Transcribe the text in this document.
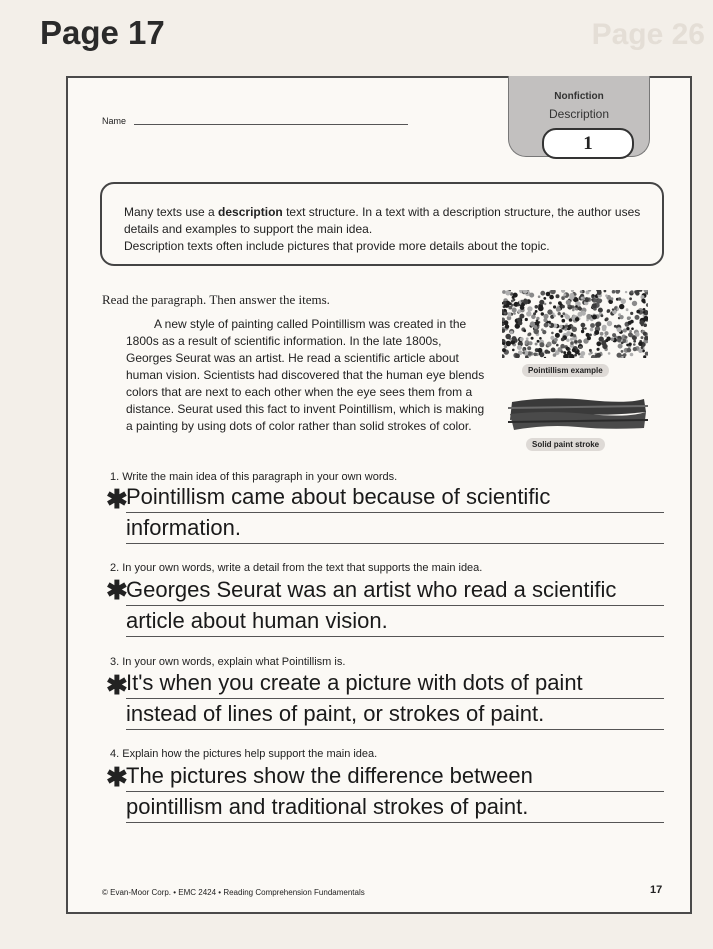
Page 17	Page 26
Name
Nonfiction
Description
1
Many texts use a description text structure. In a text with a description structure, the author uses details and examples to support the main idea.
Description texts often include pictures that provide more details about the topic.
Read the paragraph. Then answer the items.

A new style of painting called Pointillism was created in the 1800s as a result of scientific information. In the late 1800s, Georges Seurat was an artist. He read a scientific article about human vision. Scientists had discovered that the human eye blends colors that are next to each other when the eye sees them from a distance. Seurat used this fact to invent Pointillism, which is making a painting by using dots of color rather than solid strokes of color.

Pointillism example
Solid paint stroke
1. Write the main idea of this paragraph in your own words.
✱
Pointillism came about because of scientific
information.
2. In your own words, write a detail from the text that supports the main idea.
✱
Georges Seurat was an artist who read a scientific
article about human vision.
3. In your own words, explain what Pointillism is.
✱
It's when you create a picture with dots of paint
instead of lines of paint, or strokes of paint.
4. Explain how the pictures help support the main idea.
✱
The pictures show the difference between
pointillism and traditional strokes of paint.
© Evan-Moor Corp. • EMC 2424 • Reading Comprehension Fundamentals	17
